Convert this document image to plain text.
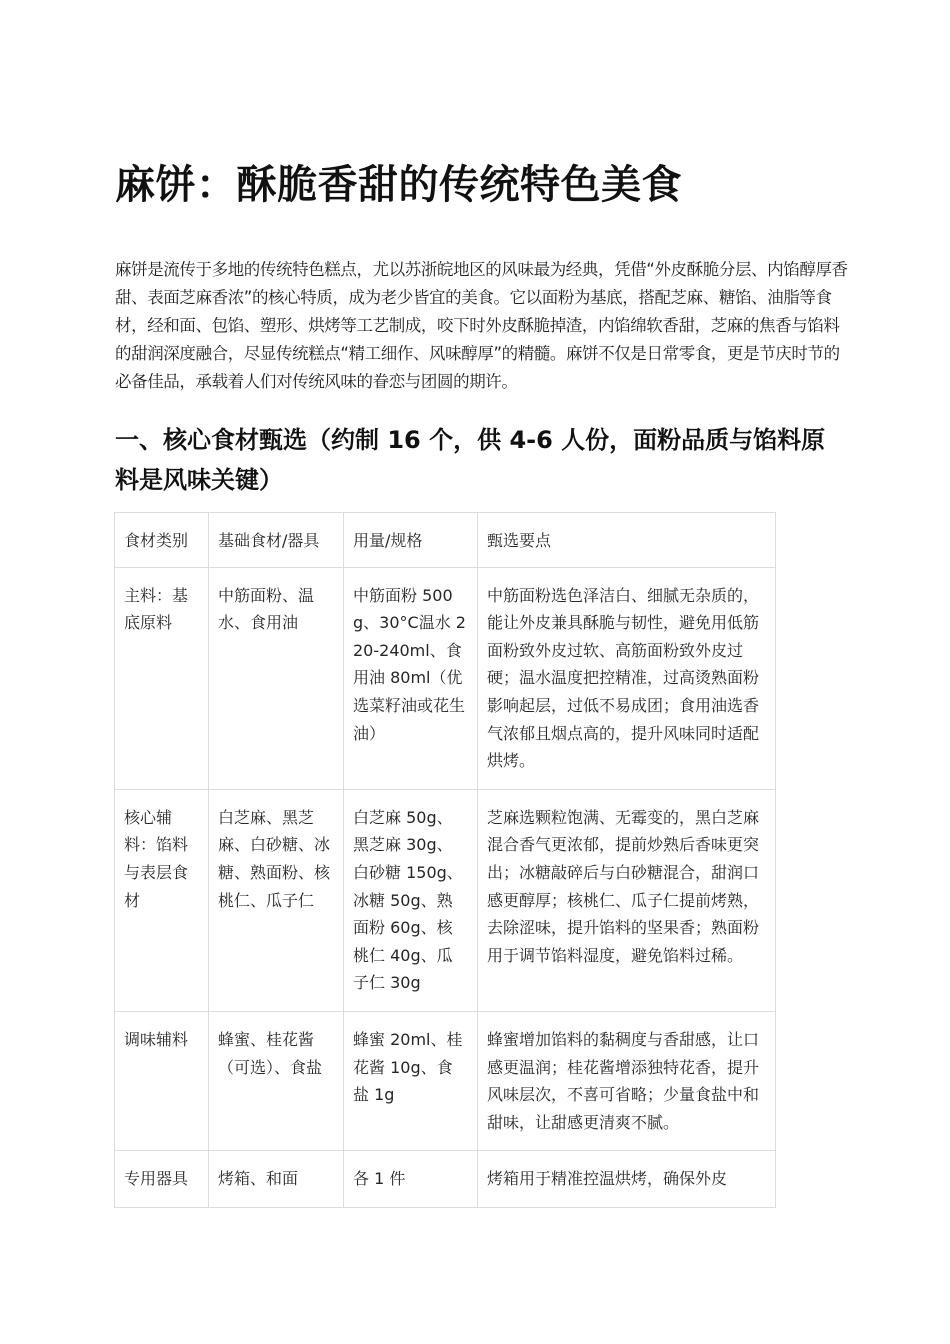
麻饼：酥脆香甜的传统特色美食

麻饼是流传于多地的传统特色糕点，尤以苏浙皖地区的风味最为经典，凭借“外皮酥脆分层、内馅醇厚香甜、表面芝麻香浓”的核心特质，成为老少皆宜的美食。它以面粉为基底，搭配芝麻、糖馅、油脂等食材，经和面、包馅、塑形、烘烤等工艺制成，咬下时外皮酥脆掉渣，内馅绵软香甜，芝麻的焦香与馅料的甜润深度融合，尽显传统糕点“精工细作、风味醇厚”的精髓。麻饼不仅是日常零食，更是节庆时节的必备佳品，承载着人们对传统风味的眷恋与团圆的期许。

一、核心食材甄选（约制 16 个，供 4-6 人份，面粉品质与馅料原料是风味关键）
食材类别	基础食材/器具	用量/规格	甄选要点
主料：基底原料	中筋面粉、温水、食用油	中筋面粉 500g、30°C温水 220-240ml、食用油 80ml（优选菜籽油或花生油）	中筋面粉选色泽洁白、细腻无杂质的，能让外皮兼具酥脆与韧性，避免用低筋面粉致外皮过软、高筋面粉致外皮过硬；温水温度把控精准，过高烫熟面粉影响起层，过低不易成团；食用油选香气浓郁且烟点高的，提升风味同时适配烘烤。
核心辅料：馅料与表层食材	白芝麻、黑芝麻、白砂糖、冰糖、熟面粉、核桃仁、瓜子仁	白芝麻 50g、黑芝麻 30g、白砂糖 150g、冰糖 50g、熟面粉 60g、核桃仁 40g、瓜子仁 30g	芝麻选颗粒饱满、无霉变的，黑白芝麻混合香气更浓郁，提前炒熟后香味更突出；冰糖敲碎后与白砂糖混合，甜润口感更醇厚；核桃仁、瓜子仁提前烤熟，去除涩味，提升馅料的坚果香；熟面粉用于调节馅料湿度，避免馅料过稀。
调味辅料	蜂蜜、桂花酱（可选）、食盐	蜂蜜 20ml、桂花酱 10g、食盐 1g	蜂蜜增加馅料的黏稠度与香甜感，让口感更温润；桂花酱增添独特花香，提升风味层次，不喜可省略；少量食盐中和甜味，让甜感更清爽不腻。
专用器具	烤箱、和面	各 1 件	烤箱用于精准控温烘烤，确保外皮
